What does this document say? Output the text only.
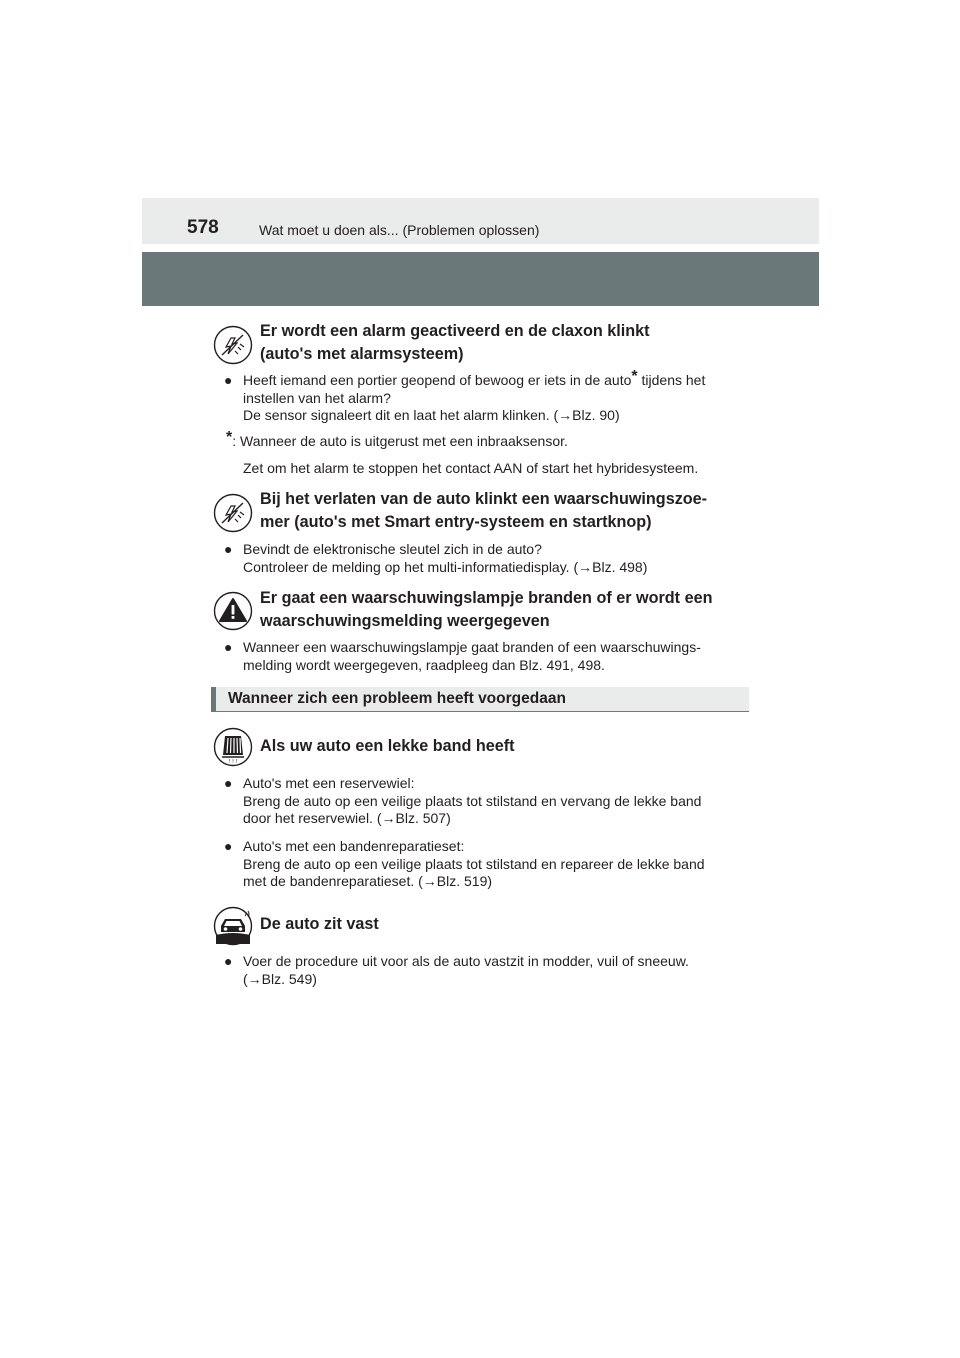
578	Wat moet u doen als... (Problemen oplossen)
Er wordt een alarm geactiveerd en de claxon klinkt
(auto's met alarmsysteem)
● Heeft iemand een portier geopend of bewoog er iets in de auto* tijdens het
instellen van het alarm?
De sensor signaleert dit en laat het alarm klinken. (→Blz. 90)
*: Wanneer de auto is uitgerust met een inbraaksensor.
Zet om het alarm te stoppen het contact AAN of start het hybridesysteem.
Bij het verlaten van de auto klinkt een waarschuwingszoe-
mer (auto's met Smart entry-systeem en startknop)
● Bevindt de elektronische sleutel zich in de auto?
Controleer de melding op het multi-informatiedisplay. (→Blz. 498)
Er gaat een waarschuwingslampje branden of er wordt een
waarschuwingsmelding weergegeven
● Wanneer een waarschuwingslampje gaat branden of een waarschuwings-
melding wordt weergegeven, raadpleeg dan Blz. 491, 498.
Wanneer zich een probleem heeft voorgedaan
! ! !
Als uw auto een lekke band heeft
● Auto's met een reservewiel:
Breng de auto op een veilige plaats tot stilstand en vervang de lekke band
door het reservewiel. (→Blz. 507)
● Auto's met een bandenreparatieset:
Breng de auto op een veilige plaats tot stilstand en repareer de lekke band
met de bandenreparatieset. (→Blz. 519)
De auto zit vast
● Voer de procedure uit voor als de auto vastzit in modder, vuil of sneeuw.
(→Blz. 549)
